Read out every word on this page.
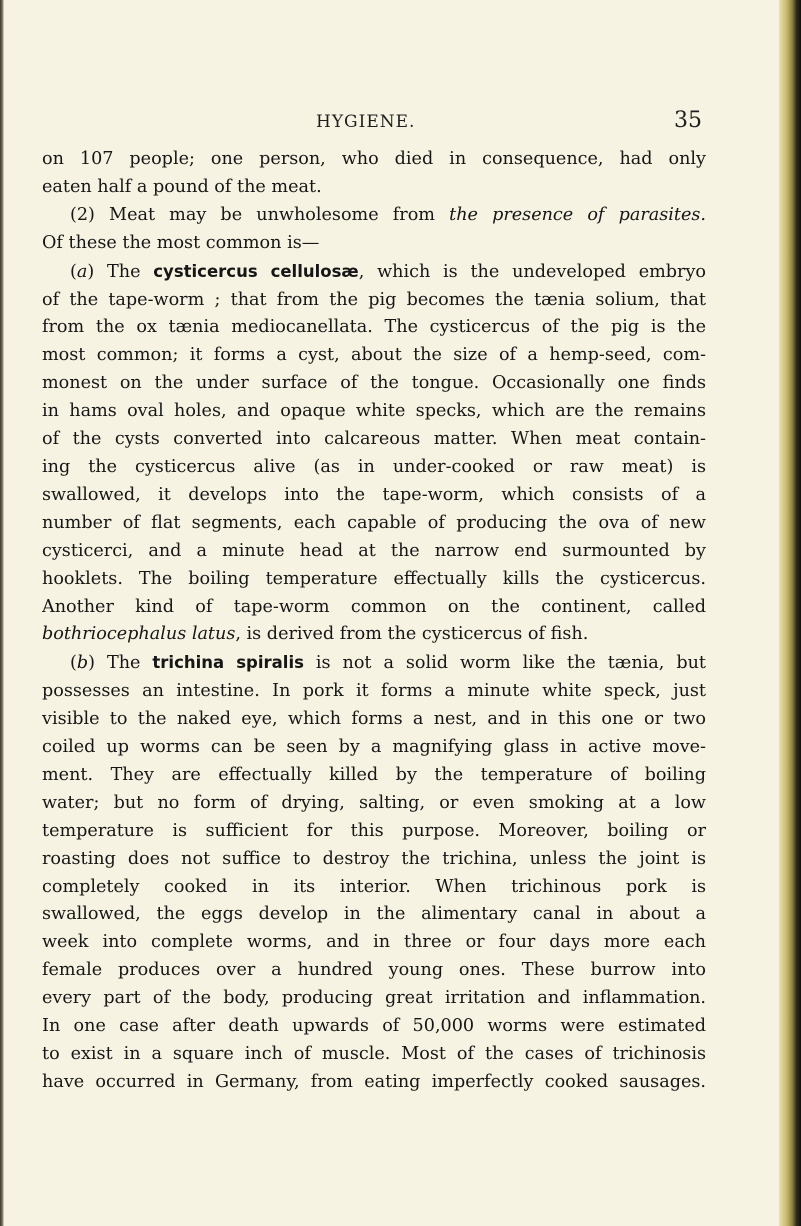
HYGIENE.	35
on 107 people; one person, who died in consequence, had only
eaten half a pound of the meat.
(2) Meat may be unwholesome from the presence of parasites.
Of these the most common is—
(a) The cysticercus cellulosæ, which is the undeveloped embryo
of the tape-worm ; that from the pig becomes the tænia solium, that
from the ox tænia mediocanellata. The cysticercus of the pig is the
most common; it forms a cyst, about the size of a hemp-seed, com-
monest on the under surface of the tongue. Occasionally one finds
in hams oval holes, and opaque white specks, which are the remains
of the cysts converted into calcareous matter. When meat contain-
ing the cysticercus alive (as in under-cooked or raw meat) is
swallowed, it develops into the tape-worm, which consists of a
number of flat segments, each capable of producing the ova of new
cysticerci, and a minute head at the narrow end surmounted by
hooklets. The boiling temperature effectually kills the cysticercus.
Another kind of tape-worm common on the continent, called
bothriocephalus latus, is derived from the cysticercus of fish.
(b) The trichina spiralis is not a solid worm like the tænia, but
possesses an intestine. In pork it forms a minute white speck, just
visible to the naked eye, which forms a nest, and in this one or two
coiled up worms can be seen by a magnifying glass in active move-
ment. They are effectually killed by the temperature of boiling
water; but no form of drying, salting, or even smoking at a low
temperature is sufficient for this purpose. Moreover, boiling or
roasting does not suffice to destroy the trichina, unless the joint is
completely cooked in its interior. When trichinous pork is
swallowed, the eggs develop in the alimentary canal in about a
week into complete worms, and in three or four days more each
female produces over a hundred young ones. These burrow into
every part of the body, producing great irritation and inflammation.
In one case after death upwards of 50,000 worms were estimated
to exist in a square inch of muscle. Most of the cases of trichinosis
have occurred in Germany, from eating imperfectly cooked sausages.
